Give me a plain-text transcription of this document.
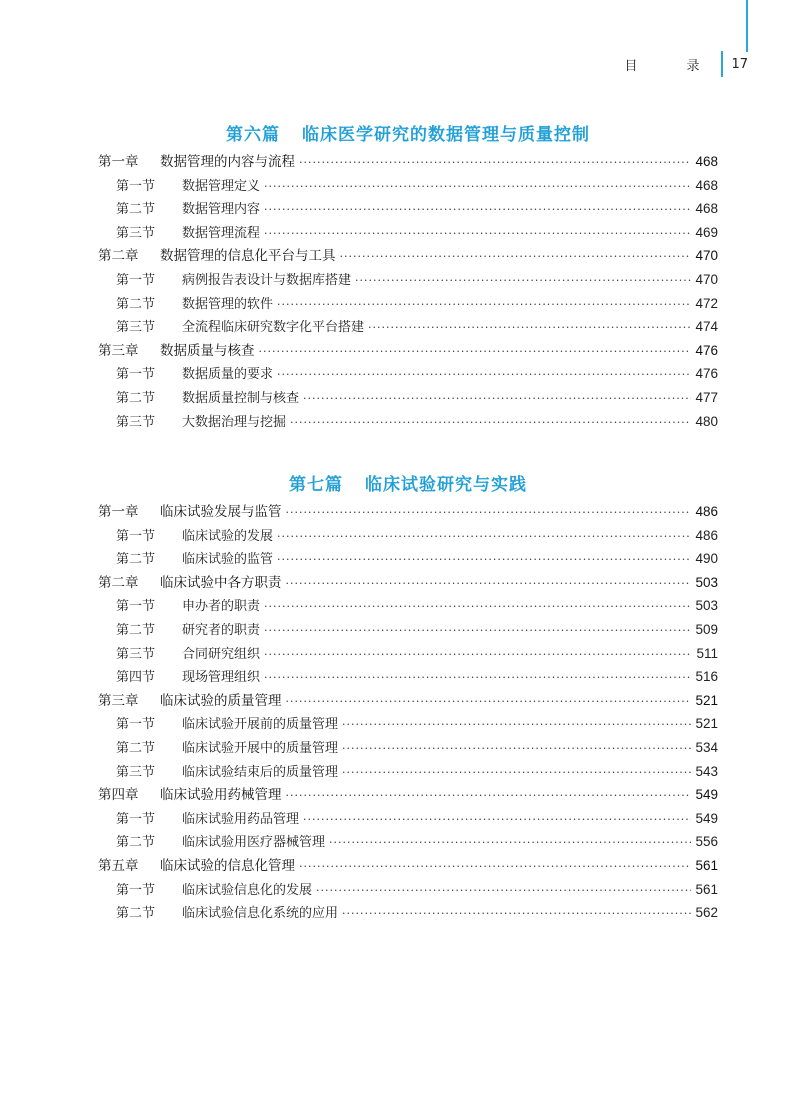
目　录 17
第六篇 临床医学研究的数据管理与质量控制
第一章 数据管理的内容与流程 ·····	468
第一节 数据管理定义 ·····	468
第二节 数据管理内容 ·····	468
第三节 数据管理流程 ·····	469
第二章 数据管理的信息化平台与工具 ·····	470
第一节 病例报告表设计与数据库搭建 ·····	470
第二节 数据管理的软件 ·····	472
第三节 全流程临床研究数字化平台搭建 ·····	474
第三章 数据质量与核查 ·····	476
第一节 数据质量的要求 ·····	476
第二节 数据质量控制与核查 ·····	477
第三节 大数据治理与挖掘 ·····	480
第七篇 临床试验研究与实践
第一章 临床试验发展与监管 ·····	486
第一节 临床试验的发展 ·····	486
第二节 临床试验的监管 ·····	490
第二章 临床试验中各方职责 ·····	503
第一节 申办者的职责 ·····	503
第二节 研究者的职责 ·····	509
第三节 合同研究组织 ·····	511
第四节 现场管理组织 ·····	516
第三章 临床试验的质量管理 ·····	521
第一节 临床试验开展前的质量管理 ·····	521
第二节 临床试验开展中的质量管理 ·····	534
第三节 临床试验结束后的质量管理 ·····	543
第四章 临床试验用药械管理 ·····	549
第一节 临床试验用药品管理 ·····	549
第二节 临床试验用医疗器械管理 ·····	556
第五章 临床试验的信息化管理 ·····	561
第一节 临床试验信息化的发展 ·····	561
第二节 临床试验信息化系统的应用 ·····	562
